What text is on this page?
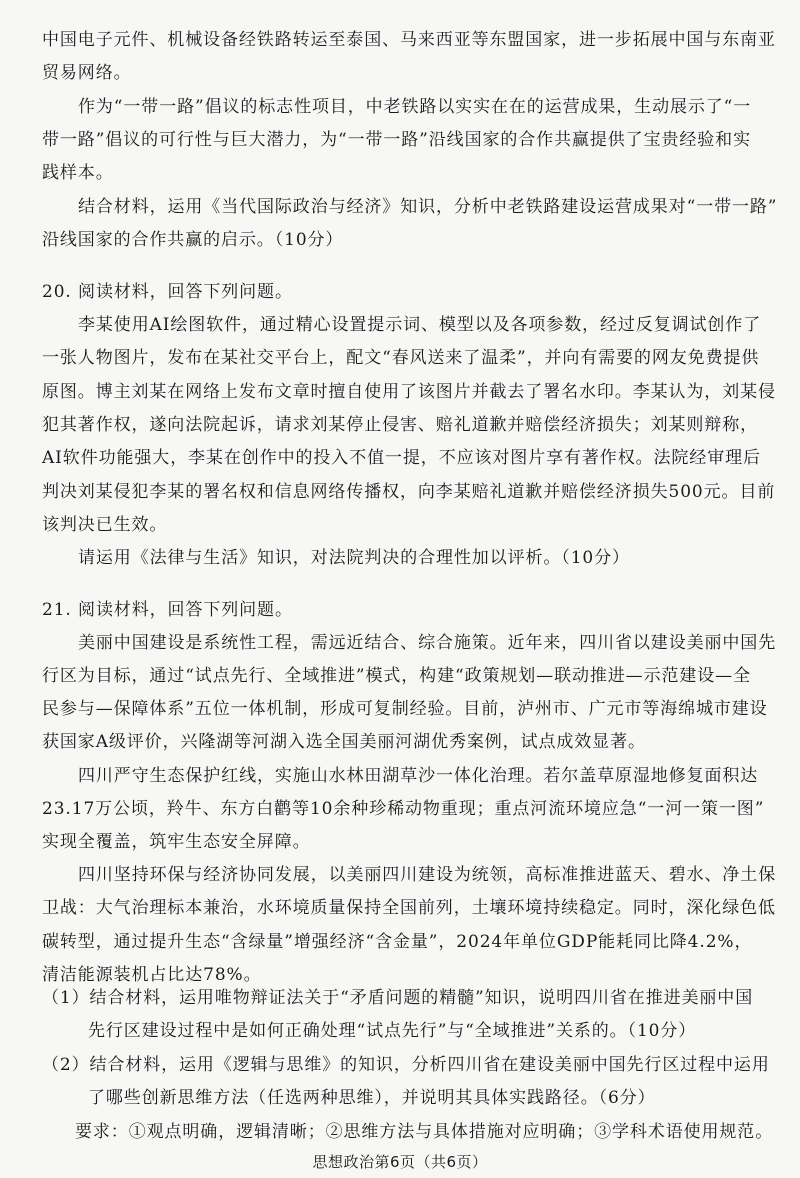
中国电子元件、机械设备经铁路转运至泰国、马来西亚等东盟国家，进一步拓展中国与东南亚
贸易网络。
作为“一带一路”倡议的标志性项目，中老铁路以实实在在的运营成果，生动展示了“一
带一路”倡议的可行性与巨大潜力，为“一带一路”沿线国家的合作共赢提供了宝贵经验和实
践样本。
结合材料，运用《当代国际政治与经济》知识，分析中老铁路建设运营成果对“一带一路”
沿线国家的合作共赢的启示。（10分）
20. 阅读材料，回答下列问题。
李某使用AI绘图软件，通过精心设置提示词、模型以及各项参数，经过反复调试创作了
一张人物图片，发布在某社交平台上，配文“春风送来了温柔”，并向有需要的网友免费提供
原图。博主刘某在网络上发布文章时擅自使用了该图片并截去了署名水印。李某认为，刘某侵
犯其著作权，遂向法院起诉，请求刘某停止侵害、赔礼道歉并赔偿经济损失；刘某则辩称，
AI软件功能强大，李某在创作中的投入不值一提，不应该对图片享有著作权。法院经审理后
判决刘某侵犯李某的署名权和信息网络传播权，向李某赔礼道歉并赔偿经济损失500元。目前
该判决已生效。
请运用《法律与生活》知识，对法院判决的合理性加以评析。（10分）
21. 阅读材料，回答下列问题。
美丽中国建设是系统性工程，需远近结合、综合施策。近年来，四川省以建设美丽中国先
行区为目标，通过“试点先行、全域推进”模式，构建“政策规划—联动推进—示范建设—全
民参与—保障体系”五位一体机制，形成可复制经验。目前，泸州市、广元市等海绵城市建设
获国家A级评价，兴隆湖等河湖入选全国美丽河湖优秀案例，试点成效显著。
四川严守生态保护红线，实施山水林田湖草沙一体化治理。若尔盖草原湿地修复面积达
23.17万公顷，羚牛、东方白鹳等10余种珍稀动物重现；重点河流环境应急“一河一策一图”
实现全覆盖，筑牢生态安全屏障。
四川坚持环保与经济协同发展，以美丽四川建设为统领，高标准推进蓝天、碧水、净土保
卫战：大气治理标本兼治，水环境质量保持全国前列，土壤环境持续稳定。同时，深化绿色低
碳转型，通过提升生态“含绿量”增强经济“含金量”，2024年单位GDP能耗同比降4.2%，
清洁能源装机占比达78%。
（1）结合材料，运用唯物辩证法关于“矛盾问题的精髓”知识，说明四川省在推进美丽中国
先行区建设过程中是如何正确处理“试点先行”与“全域推进”关系的。（10分）
（2）结合材料，运用《逻辑与思维》的知识，分析四川省在建设美丽中国先行区过程中运用
了哪些创新思维方法（任选两种思维），并说明其具体实践路径。（6分）
思想政治第6页（共6页）
要求：①观点明确，逻辑清晰；②思维方法与具体措施对应明确；③学科术语使用规范。
